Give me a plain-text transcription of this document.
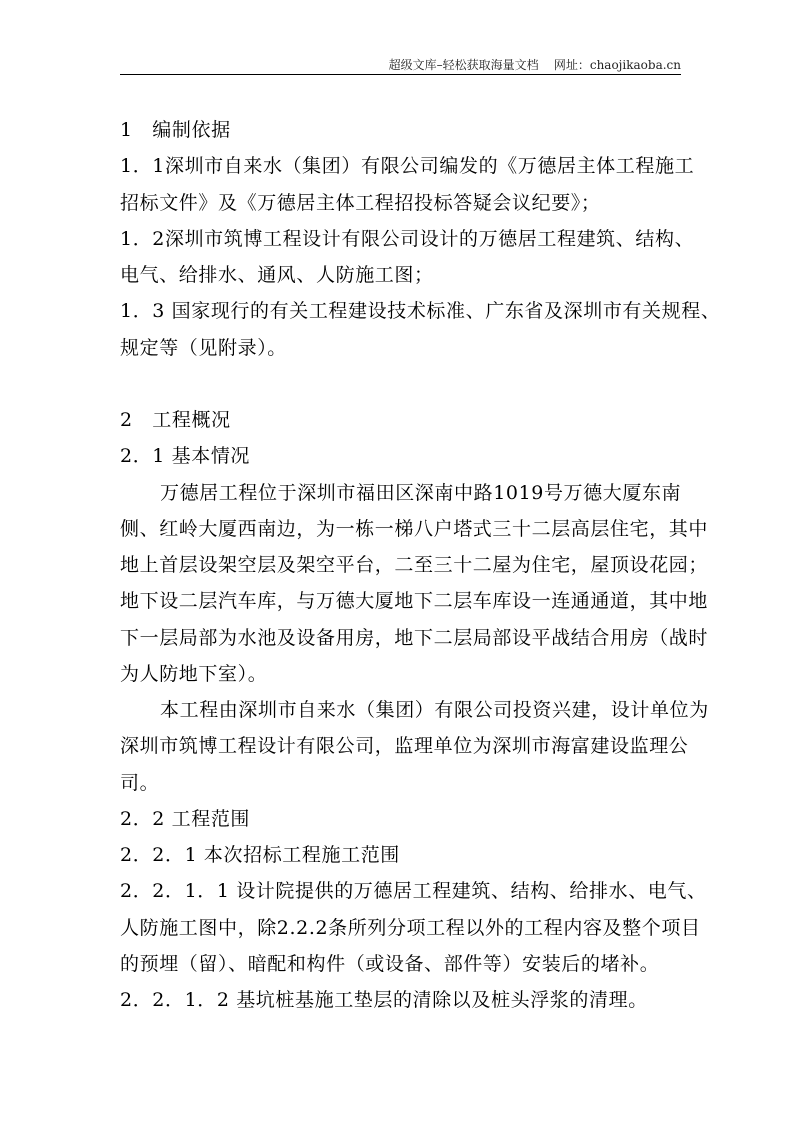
超级文库–轻松获取海量文档    网址：chaojikaoba.cn
1　编制依据
1．1深圳市自来水（集团）有限公司编发的《万德居主体工程施工
招标文件》及《万德居主体工程招投标答疑会议纪要》；
1．2深圳市筑博工程设计有限公司设计的万德居工程建筑、结构、
电气、给排水、通风、人防施工图；
1．3 国家现行的有关工程建设技术标准、广东省及深圳市有关规程、
规定等（见附录）。
2　工程概况
2．1 基本情况
万德居工程位于深圳市福田区深南中路1019号万德大厦东南
侧、红岭大厦西南边，为一栋一梯八户塔式三十二层高层住宅，其中
地上首层设架空层及架空平台，二至三十二屋为住宅，屋顶设花园；
地下设二层汽车库，与万德大厦地下二层车库设一连通通道，其中地
下一层局部为水池及设备用房，地下二层局部设平战结合用房（战时
为人防地下室）。
本工程由深圳市自来水（集团）有限公司投资兴建，设计单位为
深圳市筑博工程设计有限公司，监理单位为深圳市海富建设监理公
司。
2．2 工程范围
2．2．1 本次招标工程施工范围
2．2．1．1 设计院提供的万德居工程建筑、结构、给排水、电气、
人防施工图中，除2.2.2条所列分项工程以外的工程内容及整个项目
的预埋（留）、暗配和构件（或设备、部件等）安装后的堵补。
2．2．1．2 基坑桩基施工垫层的清除以及桩头浮浆的清理。
